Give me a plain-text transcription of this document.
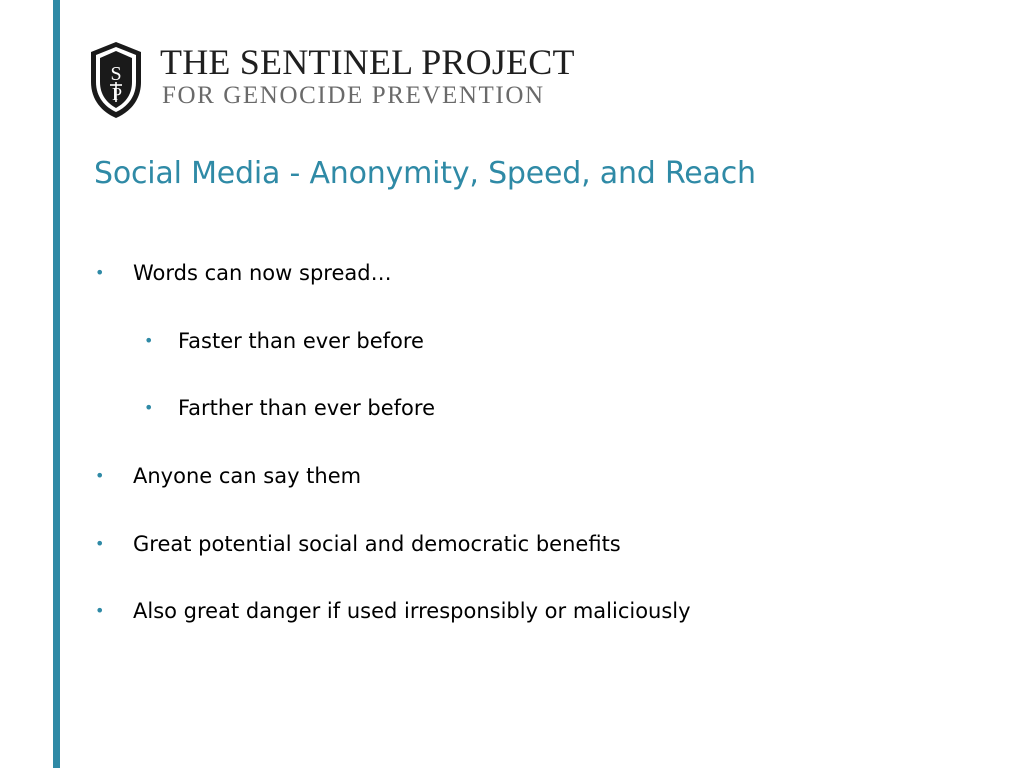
S
P
THE SENTINEL PROJECT
FOR GENOCIDE PREVENTION
Social Media - Anonymity, Speed, and Reach
• Words can now spread…
• Faster than ever before
• Farther than ever before
• Anyone can say them
• Great potential social and democratic benefits
• Also great danger if used irresponsibly or maliciously
